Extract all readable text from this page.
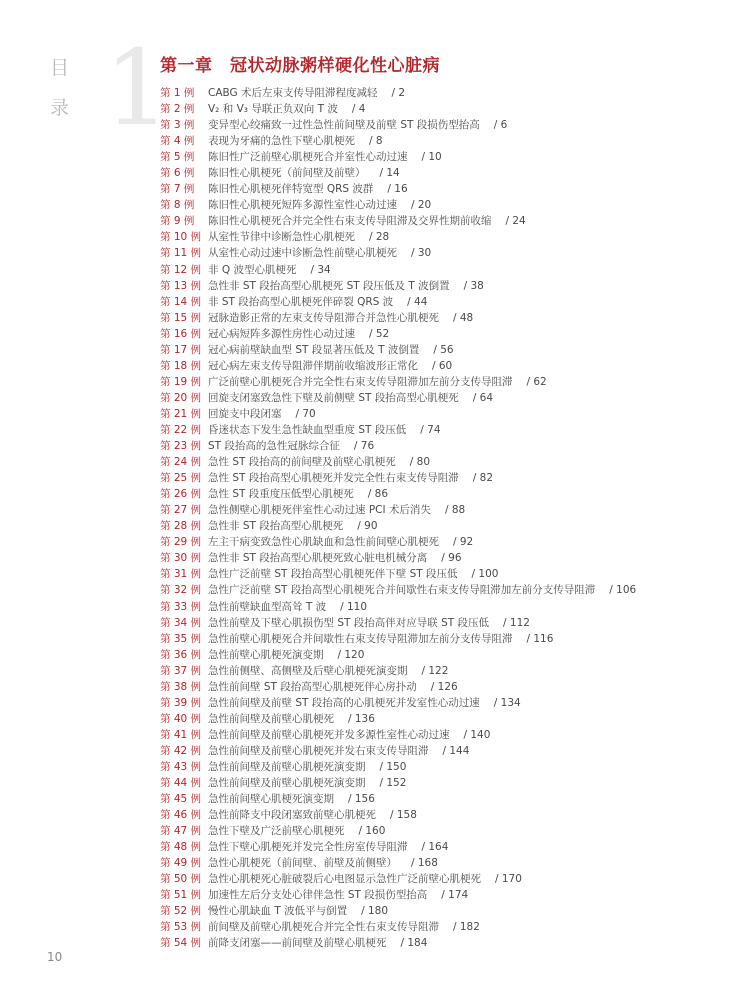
目
录 1
第一章　冠状动脉粥样硬化性心脏病
第 1 例	CABG 术后左束支传导阻滞程度减轻 / 2
第 2 例	V₂ 和 V₃ 导联正负双向 T 波 / 4
第 3 例	变异型心绞痛致一过性急性前间壁及前壁 ST 段损伤型抬高 / 6
第 4 例	表现为牙痛的急性下壁心肌梗死 / 8
第 5 例	陈旧性广泛前壁心肌梗死合并室性心动过速 / 10
第 6 例	陈旧性心肌梗死（前间壁及前壁） / 14
第 7 例	陈旧性心肌梗死伴特宽型 QRS 波群 / 16
第 8 例	陈旧性心肌梗死短阵多源性室性心动过速 / 20
第 9 例	陈旧性心肌梗死合并完全性右束支传导阻滞及交界性期前收缩 / 24
第 10 例 从室性节律中诊断急性心肌梗死 / 28
第 11 例 从室性心动过速中诊断急性前壁心肌梗死 / 30
第 12 例 非 Q 波型心肌梗死 / 34
第 13 例 急性非 ST 段抬高型心肌梗死 ST 段压低及 T 波倒置 / 38
第 14 例 非 ST 段抬高型心肌梗死伴碎裂 QRS 波 / 44
第 15 例 冠脉造影正常的左束支传导阻滞合并急性心肌梗死 / 48
第 16 例 冠心病短阵多源性房性心动过速 / 52
第 17 例 冠心病前壁缺血型 ST 段显著压低及 T 波倒置 / 56
第 18 例 冠心病左束支传导阻滞伴期前收缩波形正常化 / 60
第 19 例 广泛前壁心肌梗死合并完全性右束支传导阻滞加左前分支传导阻滞 / 62
第 20 例 回旋支闭塞致急性下壁及前侧壁 ST 段抬高型心肌梗死 / 64
第 21 例 回旋支中段闭塞 / 70
第 22 例 昏迷状态下发生急性缺血型重度 ST 段压低 / 74
第 23 例 ST 段抬高的急性冠脉综合征 / 76
第 24 例 急性 ST 段抬高的前间壁及前壁心肌梗死 / 80
第 25 例 急性 ST 段抬高型心肌梗死并发完全性右束支传导阻滞 / 82
第 26 例 急性 ST 段重度压低型心肌梗死 / 86
第 27 例 急性侧壁心肌梗死伴室性心动过速 PCI 术后消失 / 88
第 28 例 急性非 ST 段抬高型心肌梗死 / 90
第 29 例 左主干病变致急性心肌缺血和急性前间壁心肌梗死 / 92
第 30 例 急性非 ST 段抬高型心肌梗死致心脏电机械分离 / 96
第 31 例 急性广泛前壁 ST 段抬高型心肌梗死伴下壁 ST 段压低 / 100
第 32 例 急性广泛前壁 ST 段抬高型心肌梗死合并间歇性右束支传导阻滞加左前分支传导阻滞 / 106
第 33 例 急性前壁缺血型高耸 T 波 / 110
第 34 例 急性前壁及下壁心肌损伤型 ST 段抬高伴对应导联 ST 段压低 / 112
第 35 例 急性前壁心肌梗死合并间歇性右束支传导阻滞加左前分支传导阻滞 / 116
第 36 例 急性前壁心肌梗死演变期 / 120
第 37 例 急性前侧壁、高侧壁及后壁心肌梗死演变期 / 122
第 38 例 急性前间壁 ST 段抬高型心肌梗死伴心房扑动 / 126
第 39 例 急性前间壁及前壁 ST 段抬高的心肌梗死并发室性心动过速 / 134
第 40 例 急性前间壁及前壁心肌梗死 / 136
第 41 例 急性前间壁及前壁心肌梗死并发多源性室性心动过速 / 140
第 42 例 急性前间壁及前壁心肌梗死并发右束支传导阻滞 / 144
第 43 例 急性前间壁及前壁心肌梗死演变期 / 150
第 44 例 急性前间壁及前壁心肌梗死演变期 / 152
第 45 例 急性前间壁心肌梗死演变期 / 156
第 46 例 急性前降支中段闭塞致前壁心肌梗死 / 158
第 47 例 急性下壁及广泛前壁心肌梗死 / 160
第 48 例 急性下壁心肌梗死并发完全性房室传导阻滞 / 164
第 49 例 急性心肌梗死（前间壁、前壁及前侧壁） / 168
第 50 例 急性心肌梗死心脏破裂后心电图显示急性广泛前壁心肌梗死 / 170
第 51 例 加速性左后分支处心律伴急性 ST 段损伤型抬高 / 174
第 52 例 慢性心肌缺血 T 波低平与倒置 / 180
第 53 例 前间壁及前壁心肌梗死合并完全性右束支传导阻滞 / 182
第 54 例 前降支闭塞——前间壁及前壁心肌梗死 / 184
10
